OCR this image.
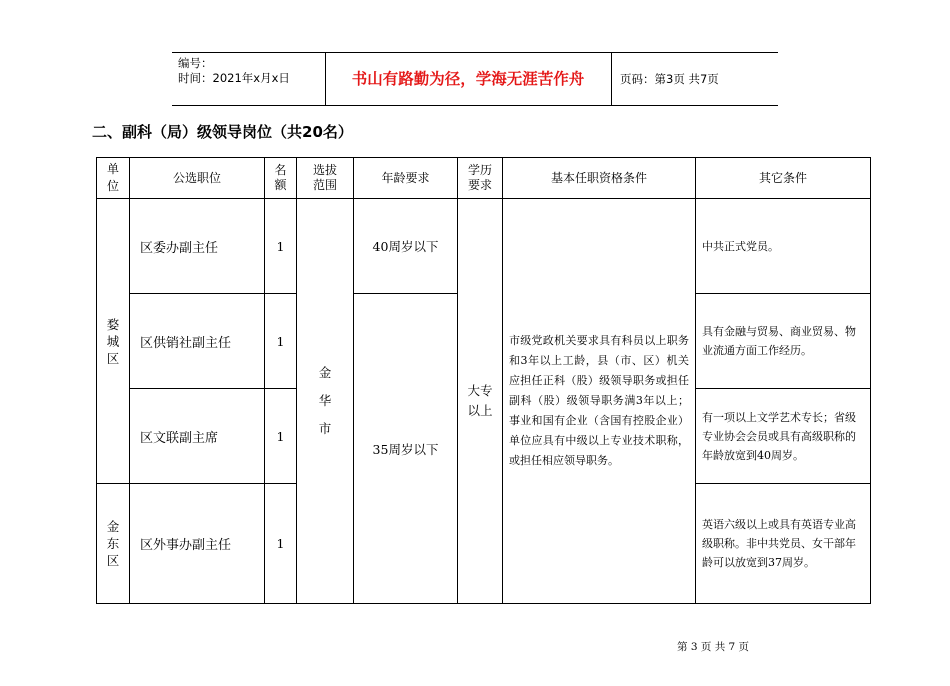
编号：
时间：2021年x月x日	书山有路勤为径，学海无涯苦作舟	页码：第3页 共7页
二、副科（局）级领导岗位（共20名）
单位	公选职位	名额	选拔范围	年龄要求	学历要求	基本任职资格条件	其它条件
婺城区	区委办副主任	1	金华市	40周岁以下	大专以上	市级党政机关要求具有科员以上职务和3年以上工龄，县（市、区）机关应担任正科（股）级领导职务或担任副科（股）级领导职务满3年以上；事业和国有企业（含国有控股企业）单位应具有中级以上专业技术职称，或担任相应领导职务。	中共正式党员。
	区供销社副主任	1		35周岁以下			具有金融与贸易、商业贸易、物业流通方面工作经历。
	区文联副主席	1					有一项以上文学艺术专长；省级专业协会会员或具有高级职称的年龄放宽到40周岁。
金东区	区外事办副主任	1					英语六级以上或具有英语专业高级职称。非中共党员、女干部年龄可以放宽到37周岁。
第 3 页 共 7 页
